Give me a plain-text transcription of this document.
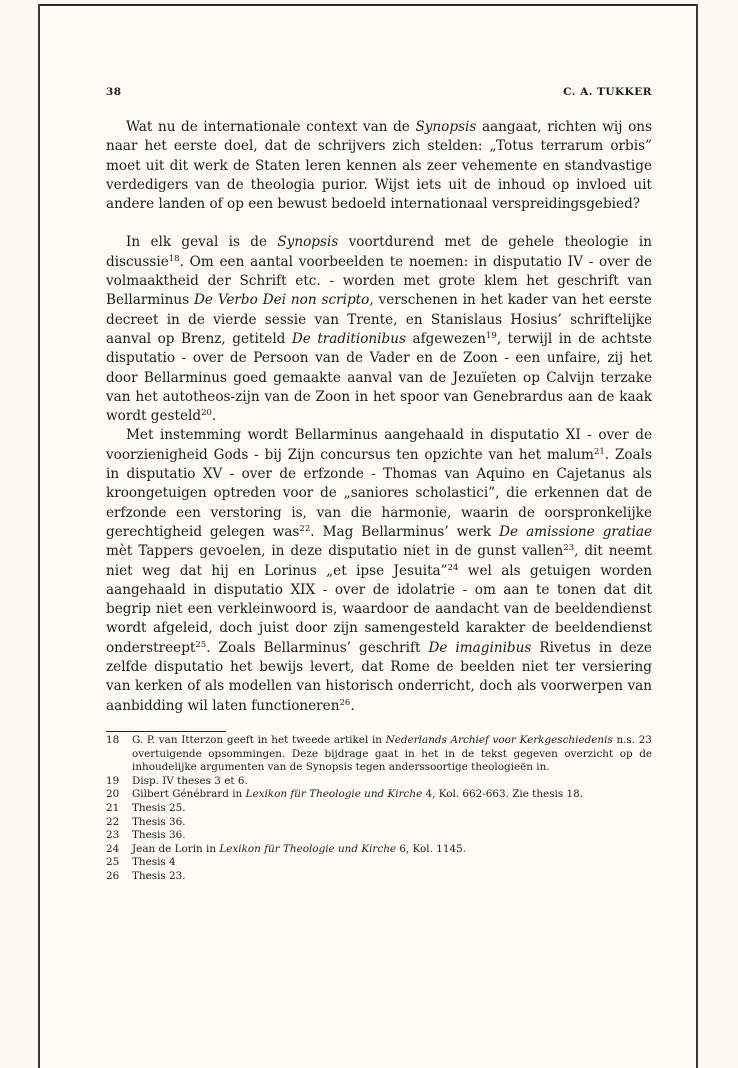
38	C. A. TUKKER

Wat nu de internationale context van de Synopsis aangaat, richten wij ons naar het eerste doel, dat de schrijvers zich stelden: „Totus terrarum orbis” moet uit dit werk de Staten leren kennen als zeer vehemente en standvastige verdedigers van de theologia purior. Wijst iets uit de inhoud op invloed uit andere landen of op een bewust bedoeld internationaal verspreidingsgebied?

In elk geval is de Synopsis voortdurend met de gehele theologie in discussie$^{18}$. Om een aantal voorbeelden te noemen: in disputatio IV - over de volmaaktheid der Schrift etc. - worden met grote klem het geschrift van Bellarminus De Verbo Dei non scripto, verschenen in het kader van het eerste decreet in de vierde sessie van Trente, en Stanislaus Hosius’ schriftelijke aanval op Brenz, getiteld De traditionibus afgewezen$^{19}$, terwijl in de achtste disputatio - over de Persoon van de Vader en de Zoon - een unfaire, zij het door Bellarminus goed gemaakte aanval van de Jezuïeten op Calvijn terzake van het autotheos-zijn van de Zoon in het spoor van Genebrardus aan de kaak wordt gesteld$^{20}$.

Met instemming wordt Bellarminus aangehaald in disputatio XI - over de voorzienigheid Gods - bij Zijn concursus ten opzichte van het malum$^{21}$. Zoals in disputatio XV - over de erfzonde - Thomas van Aquino en Cajetanus als kroongetuigen optreden voor de „saniores scholastici”, die erkennen dat de erfzonde een verstoring is, van die harmonie, waarin de oorspronkelijke gerechtigheid gelegen was$^{22}$. Mag Bellarminus’ werk De amissione gratiae mèt Tappers gevoelen, in deze disputatio niet in de gunst vallen$^{23}$, dit neemt niet weg dat hij en Lorinus „et ipse Jesuita”$^{24}$ wel als getuigen worden aangehaald in disputatio XIX - over de idolatrie - om aan te tonen dat dit begrip niet een verkleinwoord is, waardoor de aandacht van de beeldendienst wordt afgeleid, doch juist door zijn samengesteld karakter de beeldendienst onderstreept$^{25}$. Zoals Bellarminus’ geschrift De imaginibus Rivetus in deze zelfde disputatio het bewijs levert, dat Rome de beelden niet ter versiering van kerken of als modellen van historisch onderricht, doch als voorwerpen van aanbidding wil laten functioneren$^{26}$.

18	G. P. van Itterzon geeft in het tweede artikel in Nederlands Archief voor Kerkgeschiedenis n.s. 23 overtuigende opsommingen. Deze bijdrage gaat in het in de tekst gegeven overzicht op de inhoudelijke argumenten van de Synopsis tegen anderssoortige theologieën in.
19	Disp. IV theses 3 et 6.
20	Gilbert Génébrard in Lexikon für Theologie und Kirche 4, Kol. 662-663. Zie thesis 18.
21	Thesis 25.
22	Thesis 36.
23	Thesis 36.
24	Jean de Lorin in Lexikon für Theologie und Kirche 6, Kol. 1145.
25	Thesis 4
26	Thesis 23.
